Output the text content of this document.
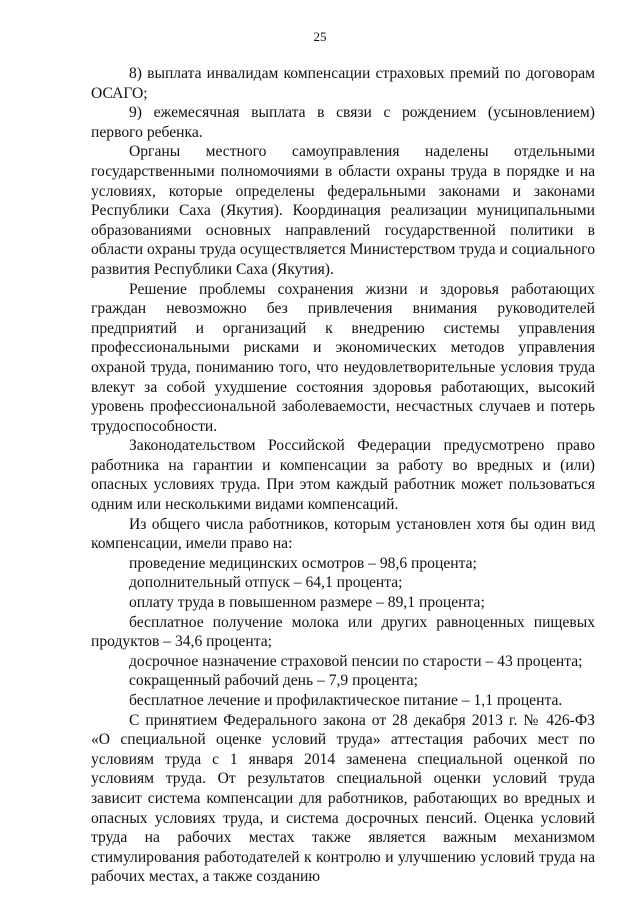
25

8) выплата инвалидам компенсации страховых премий по договорам ОСАГО;

9) ежемесячная выплата в связи с рождением (усыновлением) первого ребенка.

Органы местного самоуправления наделены отдельными государственными полномочиями в области охраны труда в порядке и на условиях, которые определены федеральными законами и законами Республики Саха (Якутия). Координация реализации муниципальными образованиями основных направлений государственной политики в области охраны труда осуществляется Министерством труда и социального развития Республики Саха (Якутия).

Решение проблемы сохранения жизни и здоровья работающих граждан невозможно без привлечения внимания руководителей предприятий и организаций к внедрению системы управления профессиональными рисками и экономических методов управления охраной труда, пониманию того, что неудовлетворительные условия труда влекут за собой ухудшение состояния здоровья работающих, высокий уровень профессиональной заболеваемости, несчастных случаев и потерь трудоспособности.

Законодательством Российской Федерации предусмотрено право работника на гарантии и компенсации за работу во вредных и (или) опасных условиях труда. При этом каждый работник может пользоваться одним или несколькими видами компенсаций.

Из общего числа работников, которым установлен хотя бы один вид компенсации, имели право на:

проведение медицинских осмотров – 98,6 процента;

дополнительный отпуск – 64,1 процента;

оплату труда в повышенном размере – 89,1 процента;

бесплатное получение молока или других равноценных пищевых продуктов – 34,6 процента;

досрочное назначение страховой пенсии по старости – 43 процента;

сокращенный рабочий день – 7,9 процента;

бесплатное лечение и профилактическое питание – 1,1 процента.

С принятием Федерального закона от 28 декабря 2013 г. № 426-ФЗ «О специальной оценке условий труда» аттестация рабочих мест по условиям труда с 1 января 2014 заменена специальной оценкой по условиям труда. От результатов специальной оценки условий труда зависит система компенсации для работников, работающих во вредных и опасных условиях труда, и система досрочных пенсий. Оценка условий труда на рабочих местах также является важным механизмом стимулирования работодателей к контролю и улучшению условий труда на рабочих местах, а также созданию
